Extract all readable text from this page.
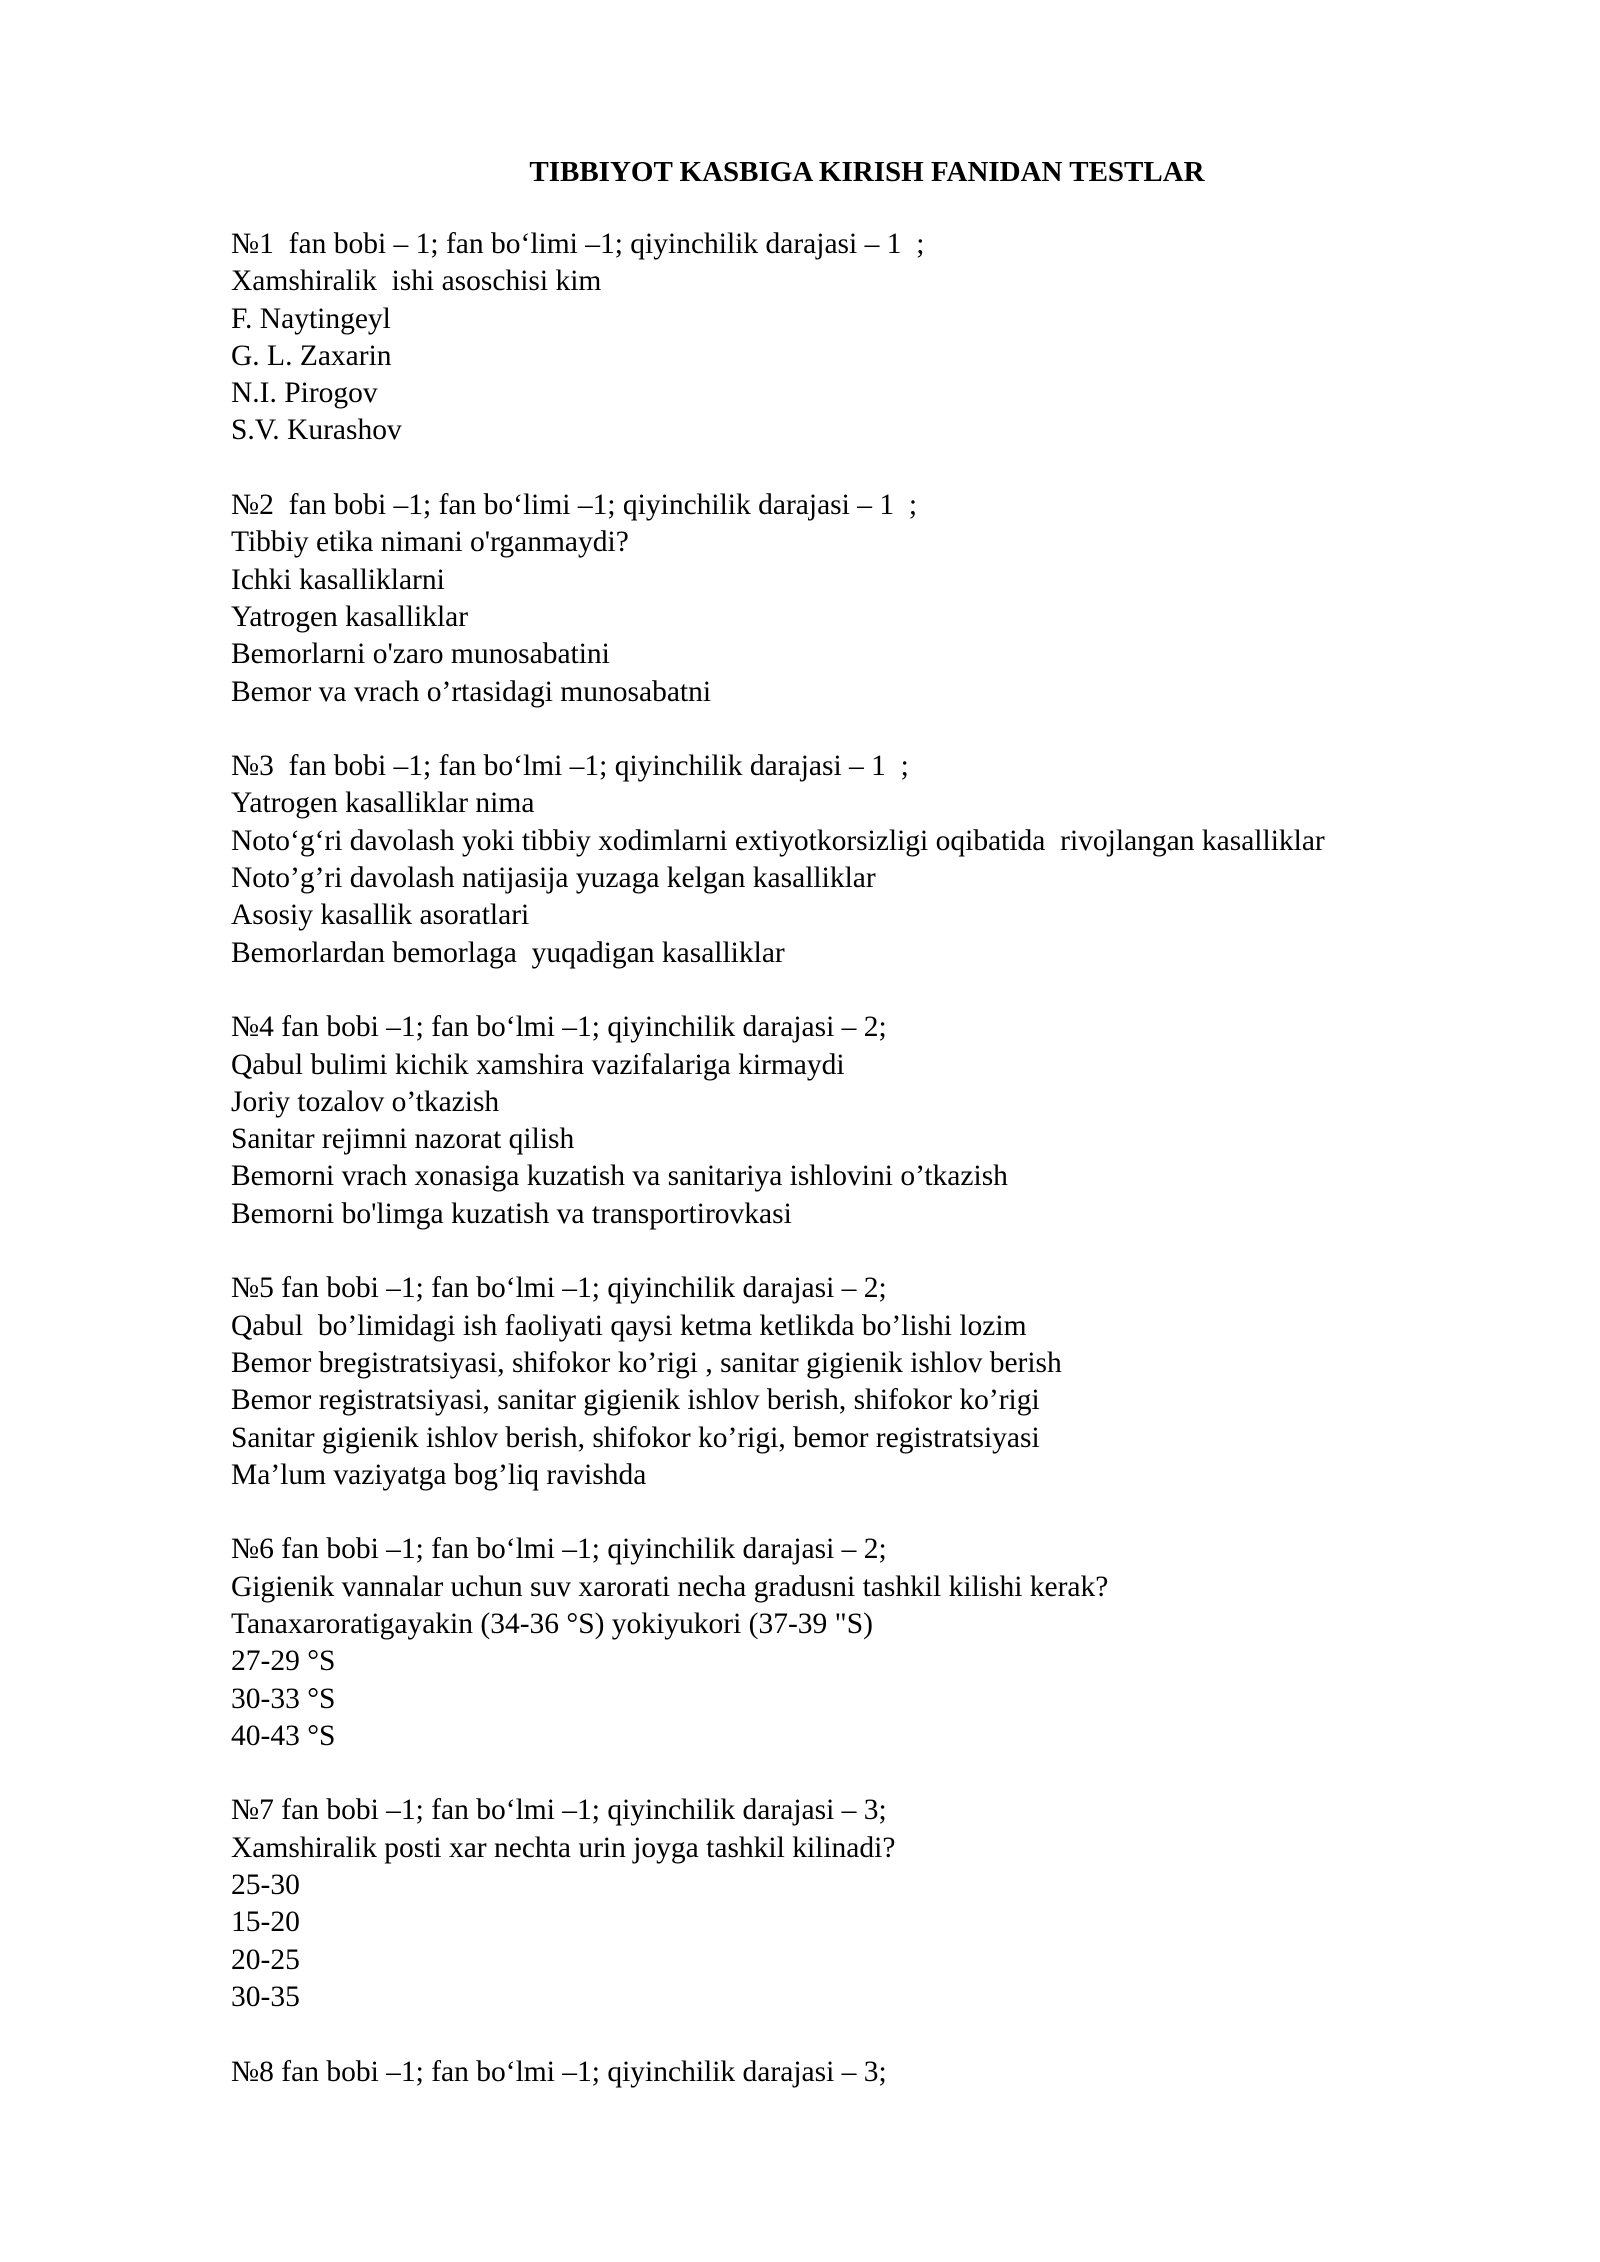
TIBBIYOT KASBIGA KIRISH FANIDAN TESTLAR
№1  fan bobi – 1; fan bo‘limi –1; qiyinchilik darajasi – 1  ;
Xamshiralik  ishi asoschisi kim
F. Naytingeyl
G. L. Zaxarin
N.I. Pirogov
S.V. Kurashov
№2  fan bobi –1; fan bo‘limi –1; qiyinchilik darajasi – 1  ;
Tibbiy etika nimani o'rganmaydi?
Ichki kasalliklarni
Yatrogen kasalliklar
Bemorlarni o'zaro munosabatini
Bemor va vrach o’rtasidagi munosabatni
№3  fan bobi –1; fan bo‘lmi –1; qiyinchilik darajasi – 1  ;
Yatrogen kasalliklar nima
Noto‘g‘ri davolash yoki tibbiy xodimlarni extiyotkorsizligi oqibatida  rivojlangan kasalliklar
Noto’g’ri davolash natijasija yuzaga kelgan kasalliklar
Asosiy kasallik asoratlari
Bemorlardan bemorlaga  yuqadigan kasalliklar
№4 fan bobi –1; fan bo‘lmi –1; qiyinchilik darajasi – 2;
Qabul bulimi kichik xamshira vazifalariga kirmaydi
Joriy tozalov o’tkazish
Sanitar rejimni nazorat qilish
Bemorni vrach xonasiga kuzatish va sanitariya ishlovini o’tkazish
Bemorni bo'limga kuzatish va transportirovkasi
№5 fan bobi –1; fan bo‘lmi –1; qiyinchilik darajasi – 2;
Qabul  bo’limidagi ish faoliyati qaysi ketma ketlikda bo’lishi lozim
Bemor bregistratsiyasi, shifokor ko’rigi , sanitar gigienik ishlov berish
Bemor registratsiyasi, sanitar gigienik ishlov berish, shifokor ko’rigi
Sanitar gigienik ishlov berish, shifokor ko’rigi, bemor registratsiyasi
Ma’lum vaziyatga bog’liq ravishda
№6 fan bobi –1; fan bo‘lmi –1; qiyinchilik darajasi – 2;
Gigienik vannalar uchun suv xarorati necha gradusni tashkil kilishi kerak?
Tanaxaroratigayakin (34-36 °S) yokiyukori (37-39 "S)
27-29 °S
30-33 °S
40-43 °S
№7 fan bobi –1; fan bo‘lmi –1; qiyinchilik darajasi – 3;
Xamshiralik posti xar nechta urin joyga tashkil kilinadi?
25-30
15-20
20-25
30-35
№8 fan bobi –1; fan bo‘lmi –1; qiyinchilik darajasi – 3;
